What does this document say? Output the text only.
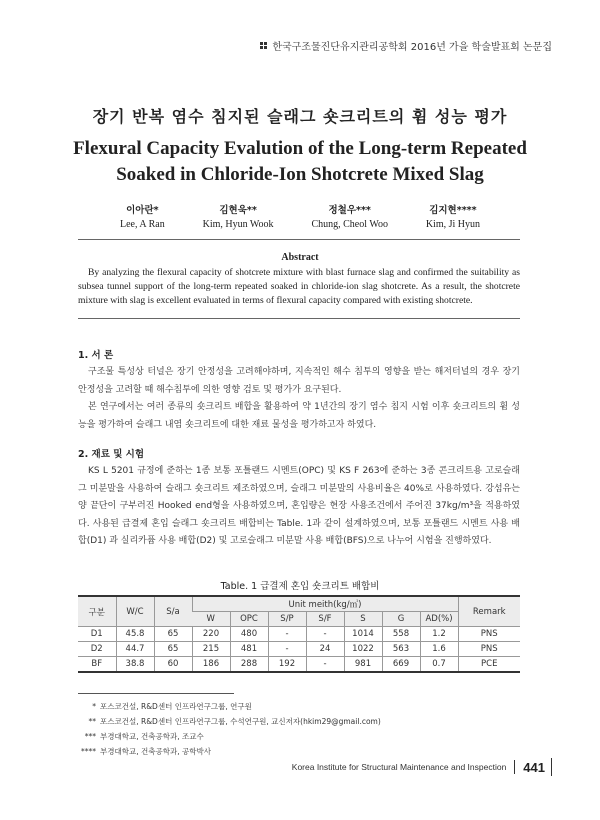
한국구조물진단유지관리공학회 2016년 가을 학술발표회 논문집
장기 반복 염수 침지된 슬래그 숏크리트의 휨 성능 평가
Flexural Capacity Evalution of the Long-term Repeated
Soaked in Chloride-Ion Shotcrete Mixed Slag
이아란*
Lee, A Ran
김현욱**
Kim, Hyun Wook
정철우***
Chung, Cheol Woo
김지현****
Kim, Ji Hyun
Abstract
By analyzing the flexural capacity of shotcrete mixture with blast furnace slag and confirmed the suitability as subsea tunnel support of the long-term repeated soaked in chloride-ion slag shotcrete. As a result, the shotcrete mixture with slag is excellent evaluated in terms of flexural capacity compared with existing shotcrete.
1. 서 론
구조물 특성상 터널은 장기 안정성을 고려해야하며, 지속적인 해수 침투의 영향을 받는 해저터널의 경우 장기 안정성을 고려할 때 해수침투에 의한 영향 검토 및 평가가 요구된다.
본 연구에서는 여러 종류의 숏크리트 배합을 활용하여 약 1년간의 장기 염수 침지 시험 이후 숏크리트의 휨 성능을 평가하여 슬래그 내염 숏크리트에 대한 재료 물성을 평가하고자 하였다.
2. 재료 및 시험
KS L 5201 규정에 준하는 1종 보통 포틀랜드 시멘트(OPC) 및 KS F 263에 준하는 3종 콘크리트용 고로슬래그 미분말을 사용하여 슬래그 숏크리트 제조하였으며, 슬래그 미분말의 사용비율은 40%로 사용하였다. 강섬유는 양 끝단이 구부러진 Hooked end형을 사용하였으며, 혼입량은 현장 사용조건에서 주어진 37kg/m³을 적용하였다. 사용된 급결제 혼입 슬래그 숏크리트 배합비는 Table. 1과 같이 설계하였으며, 보통 포틀랜드 시멘트 사용 배합(D1) 과 실리카퓸 사용 배합(D2) 및 고로슬래그 미분말 사용 배합(BFS)으로 나누어 시험을 진행하였다.
Table. 1 급결제 혼입 숏크리트 배합비
구분	W/C	S/a	Unit meith(kg/㎥)							Remark
			W	OPC	S/P	S/F	S	G	AD(%)	
D1	45.8	65	220	480	-	-	1014	558	1.2	PNS
D2	44.7	65	215	481	-	24	1022	563	1.6	PNS
BF	38.8	60	186	288	192	-	981	669	0.7	PCE
* 포스코건설, R&D센터 인프라연구그룹, 연구원
** 포스코건설, R&D센터 인프라연구그룹, 수석연구원, 교신저자(hkim29@gmail.com)
*** 부경대학교, 건축공학과, 조교수
**** 부경대학교, 건축공학과, 공학박사
Korea Institute for Structural Maintenance and Inspection 441
